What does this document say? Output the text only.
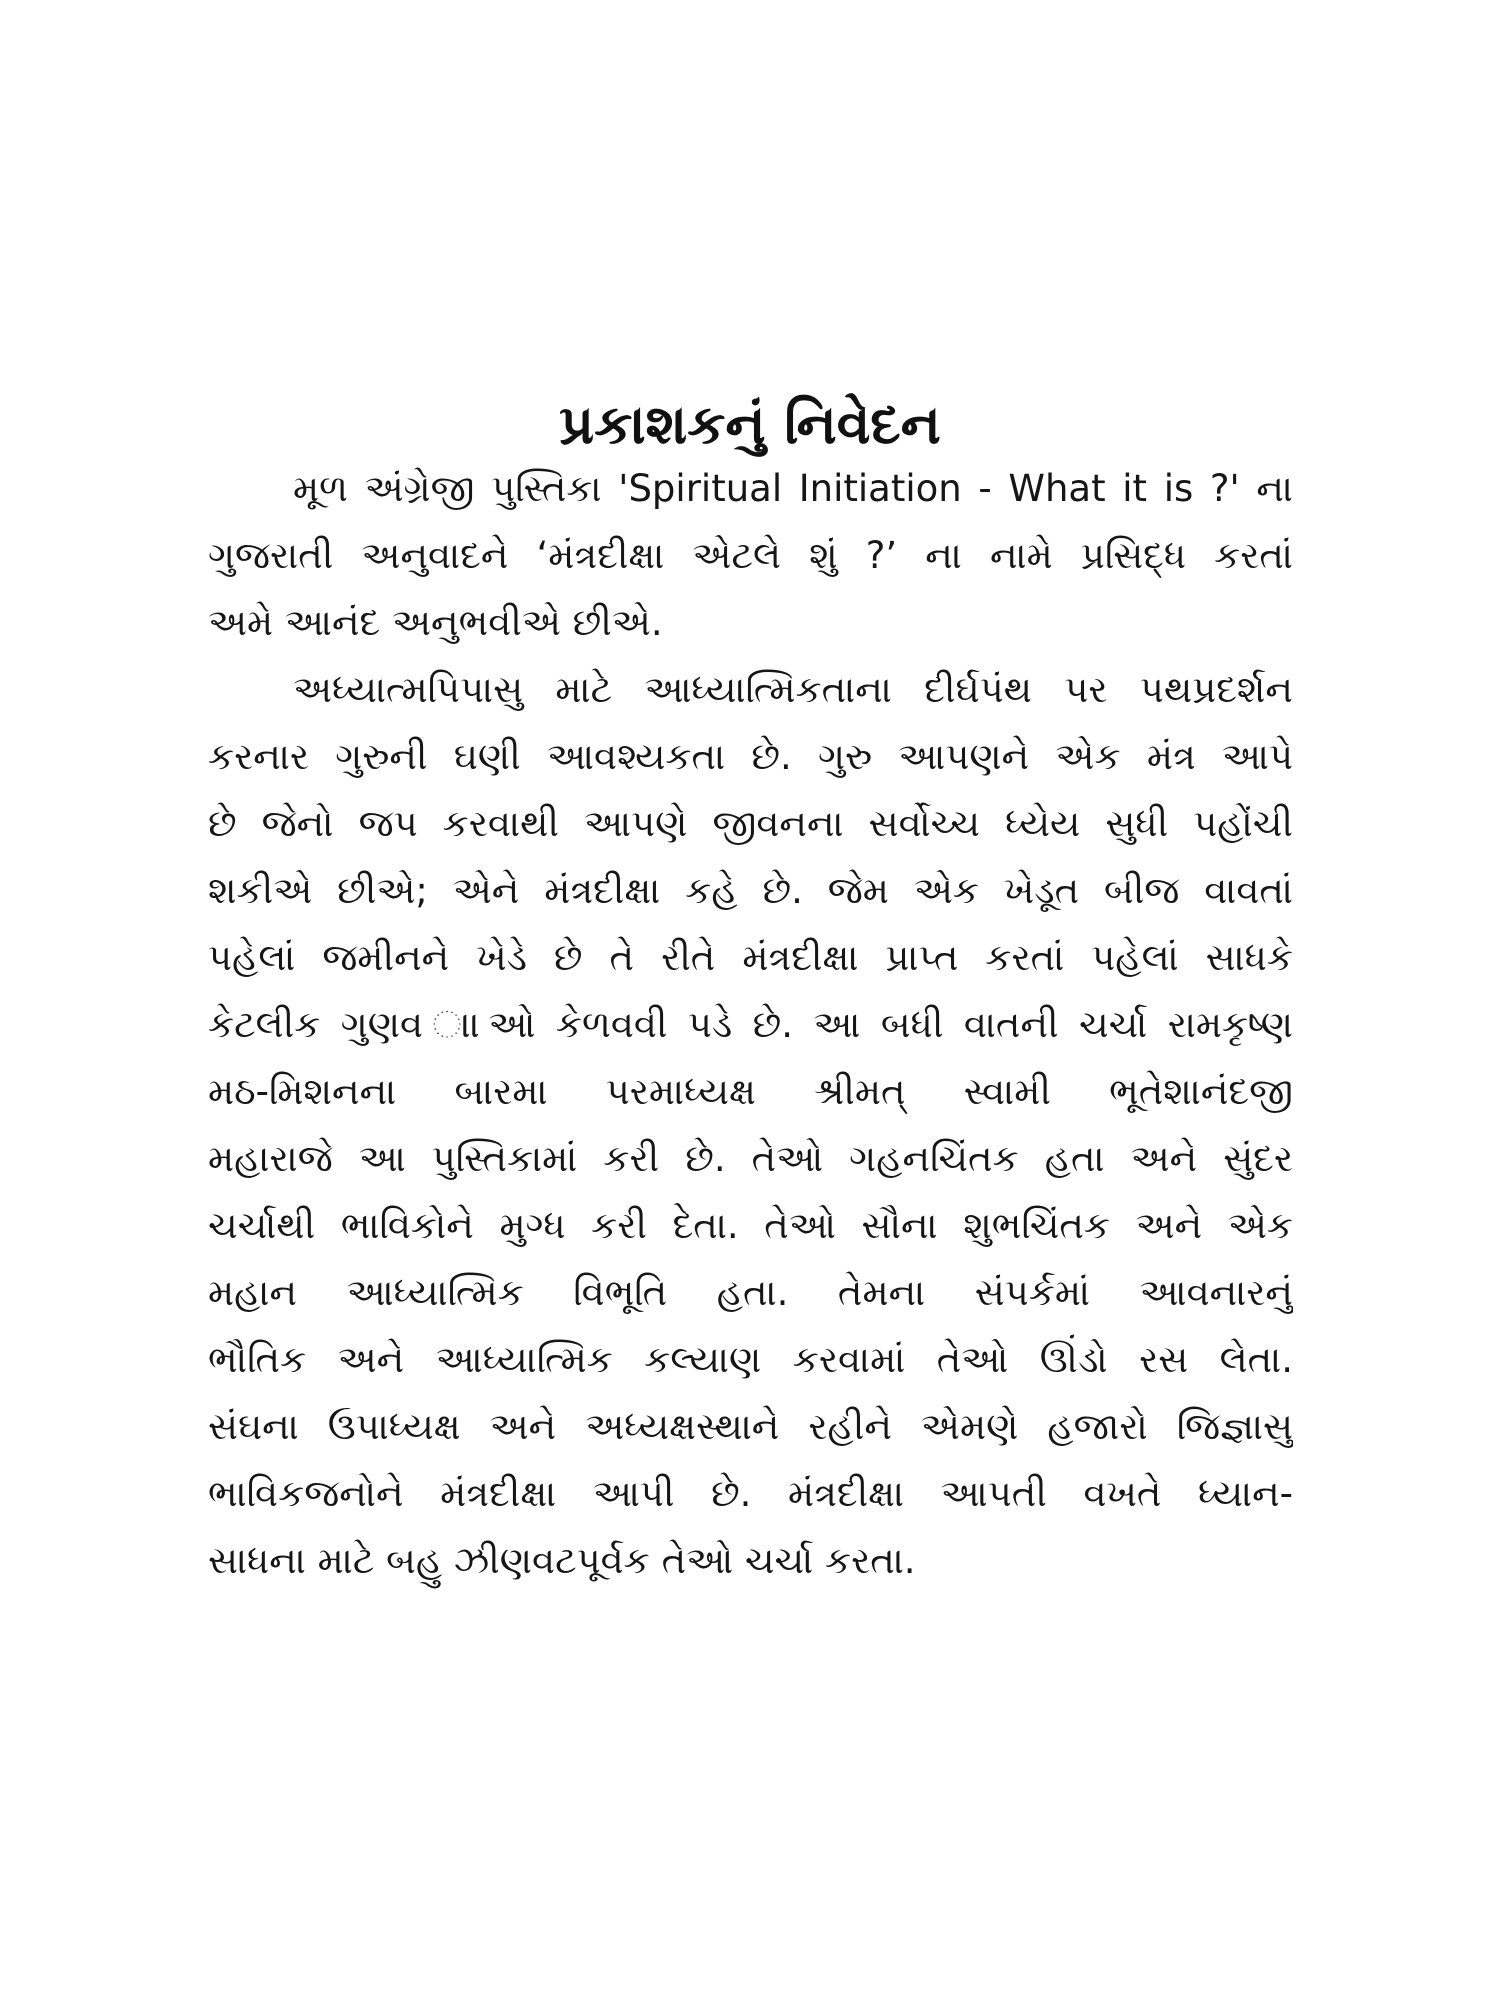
પ્રકાશકનું નિવેદન
મૂળ અંગ્રેજી પુસ્તિકા 'Spiritual Initiation - What it is ?' ના
ગુજરાતી અનુવાદને ‘મંત્રદીક્ષા એટલે શું ?’ ના નામે પ્રસિદ્ધ કરતાં
અમે આનંદ અનુભવીએ છીએ.
અધ્યાત્મપિપાસુ માટે આધ્યાત્મિકતાના દીર્ઘપંથ પર પથપ્રદર્શન
કરનાર ગુરુની ઘણી આવશ્યકતા છે. ગુરુ આપણને એક મંત્ર આપે
છે જેનો જપ કરવાથી આપણે જીવનના સર્વોચ્ચ ધ્યેય સુધી પહોંચી
શકીએ છીએ; એને મંત્રદીક્ષા કહે છે. જેમ એક ખેડૂત બીજ વાવતાં
પહેલાં જમીનને ખેડે છે તે રીતે મંત્રદીક્ષા પ્રાપ્ત કરતાં પહેલાં સાધકે
કેટલીક ગુણવ ાાઓ કેળવવી પડે છે. આ બધી વાતની ચર્ચા રામકૃષ્ણ
મઠ-મિશનના બારમા પરમાધ્યક્ષ શ્રીમત્ સ્વામી ભૂતેશાનંદજી
મહારાજે આ પુસ્તિકામાં કરી છે. તેઓ ગહનચિંતક હતા અને સુંદર
ચર્ચાથી ભાવિકોને મુગ્ધ કરી દેતા. તેઓ સૌના શુભચિંતક અને એક
મહાન આધ્યાત્મિક વિભૂતિ હતા. તેમના સંપર્કમાં આવનારનું
ભૌતિક અને આધ્યાત્મિક કલ્યાણ કરવામાં તેઓ ઊંડો રસ લેતા.
સંઘના ઉપાધ્યક્ષ અને અધ્યક્ષસ્થાને રહીને એમણે હજારો જિજ્ઞાસુ
ભાવિકજનોને મંત્રદીક્ષા આપી છે. મંત્રદીક્ષા આપતી વખતે ધ્યાન-
સાધના માટે બહુ ઝીણવટપૂર્વક તેઓ ચર્ચા કરતા.
